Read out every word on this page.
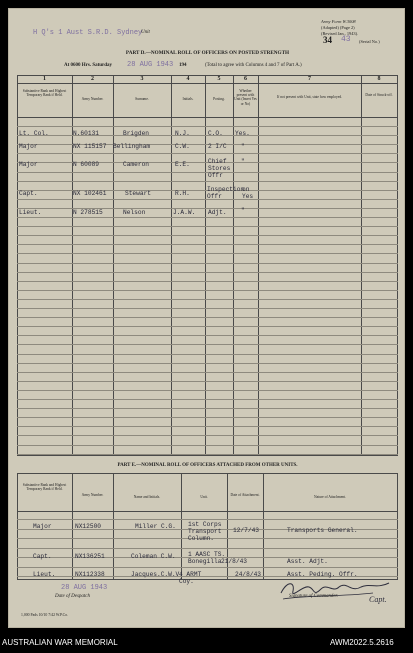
H Q's 1 Aust S.R.D. Sydney
Unit
Army Form W.3008
(Adapted) (Page 2)
(Revised Jan., 1943).
34 43 (Serial No.)
PART D.—NOMINAL ROLL OF OFFICERS ON POSTED STRENGTH
At 0600 Hrs. Saturday 28 AUG 1943 194	(Total to agree with Columns 4 and 7 of Part A.)
1	2	3	4	5	6	7	8
Substantive Rank and Highest Temporary Rank if Held.
Army Number.	Surname.	Initials.	Posting.
Whether present with Unit (Insert Yes or No)
If not present with Unit, state how employed.	Date of Struck-off.
Lt. Col.	N.60131	Brigden	N.J.	C.O. Yes.
Major	NX 115157 Bellingham	C.W.	2 I/C "
Major	N 60089	Cameron	E.E.	Chief Stores Offr
"
Capt.	NX 102461	Stewart	R.H.
Inspection Offr
on Yes
Lieut.	N 278515	Nelson	J.A.W. Adjt. "
PART E.—NOMINAL ROLL OF OFFICERS ATTACHED FROM OTHER UNITS.
Substantive Rank and Highest Temporary Rank if Held.
Army Number.	Name and Initials.	Unit.	Date of Attachment.	Nature of Attachment.
Major	NX12500	Miller C.G. 1st Corps Transport Column.
12/7/43	Transports General.
Capt.	NX136251	Coleman C.W. 1 AASC TS. Bonegilla 21/8/43	Asst. Adjt.
Lieut.	NX112338	Jacques.C.W.V.
4 ARMT Coy.
24/8/43	Asst. Peding. Offr.
28 AUG 1943
Date of Despatch	Signature of Commander.	Capt.
1,000 Pads 10/10 7/42 W.P.Co.
AUSTRALIAN WAR MEMORIAL	AWM2022.5.2616
